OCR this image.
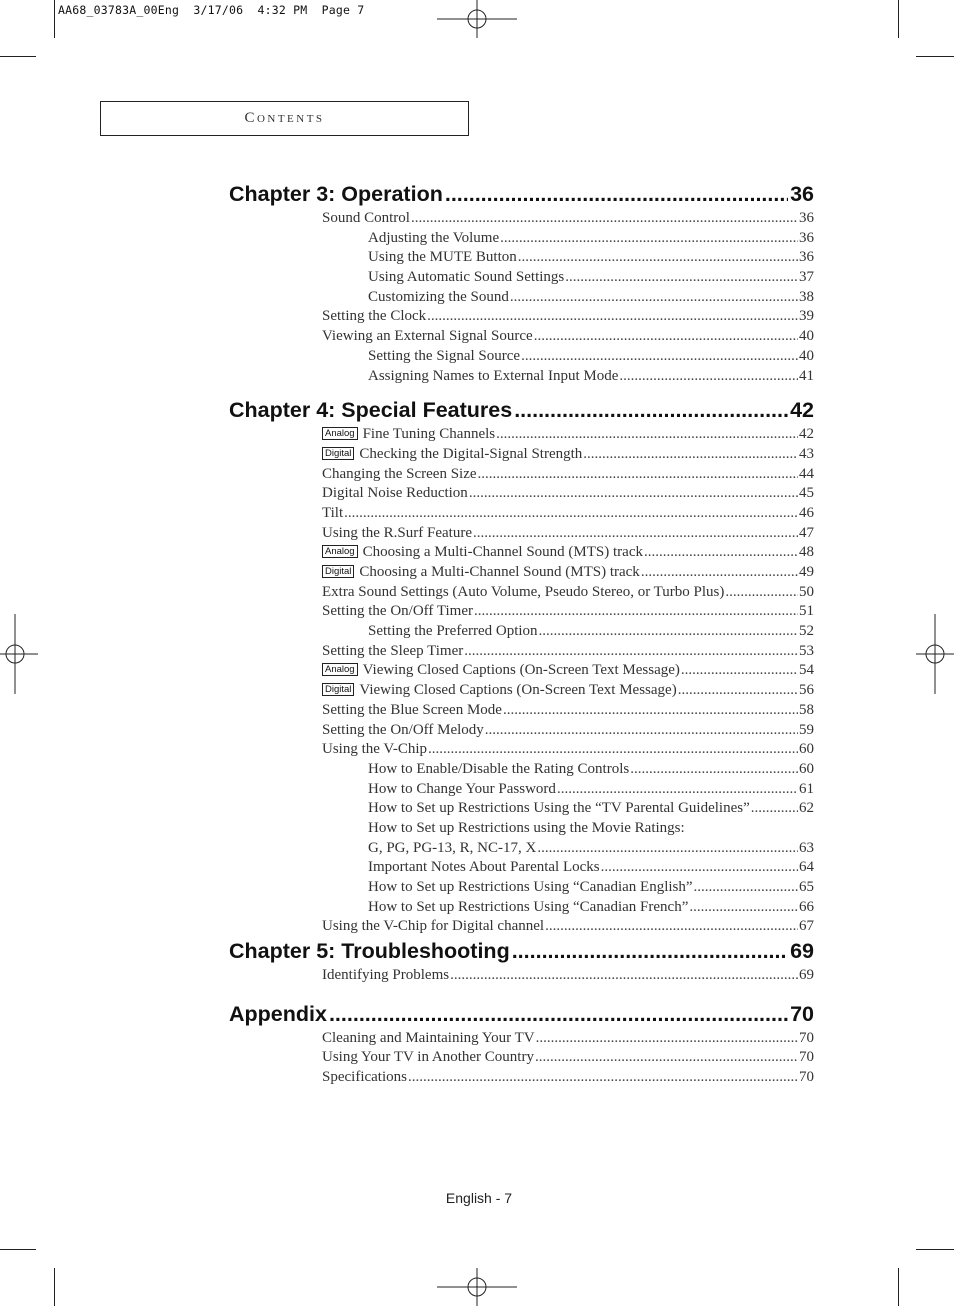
AA68_03783A_00Eng  3/17/06  4:32 PM  Page 7
Contents
Chapter 3: Operation .....	36
Sound Control .....	36
Adjusting the Volume .....	36
Using the MUTE Button .....	36
Using Automatic Sound Settings .....	37
Customizing the Sound .....	38
Setting the Clock .....	39
Viewing an External Signal Source .....	40
Setting the Signal Source .....	40
Assigning Names to External Input Mode .....	41
Chapter 4: Special Features .....	42
Analog Fine Tuning Channels .....	42
Digital Checking the Digital-Signal Strength .....	43
Changing the Screen Size .....	44
Digital Noise Reduction .....	45
Tilt .....	46
Using the R.Surf Feature .....	47
Analog Choosing a Multi-Channel Sound (MTS) track .....	48
Digital Choosing a Multi-Channel Sound (MTS) track .....	49
Extra Sound Settings (Auto Volume, Pseudo Stereo, or Turbo Plus) .....	50
Setting the On/Off Timer .....	51
Setting the Preferred Option .....	52
Setting the Sleep Timer .....	53
Analog Viewing Closed Captions (On-Screen Text Message) .....	54
Digital Viewing Closed Captions (On-Screen Text Message) .....	56
Setting the Blue Screen Mode .....	58
Setting the On/Off Melody .....	59
Using the V-Chip .....	60
How to Enable/Disable the Rating Controls .....	60
How to Change Your Password .....	61
How to Set up Restrictions Using the “TV Parental Guidelines” .....	62
How to Set up Restrictions using the Movie Ratings:
G, PG, PG-13, R, NC-17, X .....	63
Important Notes About Parental Locks .....	64
How to Set up Restrictions Using “Canadian English” .....	65
How to Set up Restrictions Using “Canadian French” .....	66
Using the V-Chip for Digital channel .....	67
Chapter 5: Troubleshooting .....	69
Identifying Problems .....	69
Appendix .....	70
Cleaning and Maintaining Your TV .....	70
Using Your TV in Another Country .....	70
Specifications .....	70
English - 7
